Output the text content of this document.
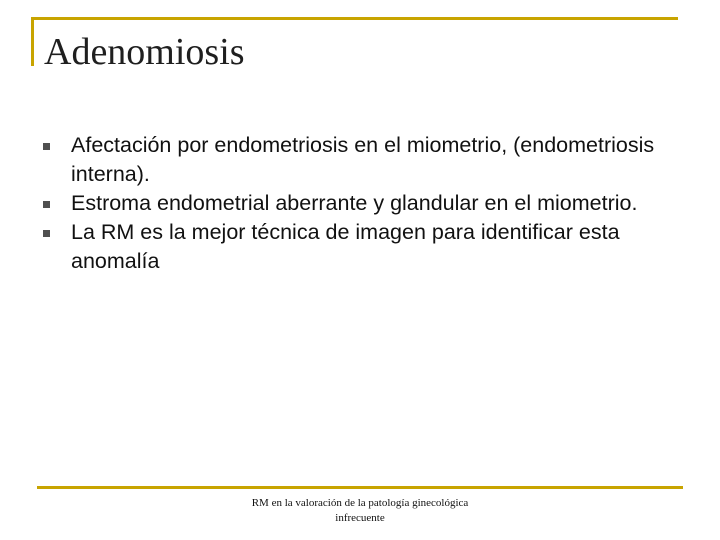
Adenomiosis
Afectación por endometriosis en el miometrio, (endometriosis interna).
Estroma endometrial aberrante y glandular en el miometrio.
La RM es la mejor técnica de imagen para identificar esta anomalía

RM en la valoración de la patología ginecológica infrecuente
